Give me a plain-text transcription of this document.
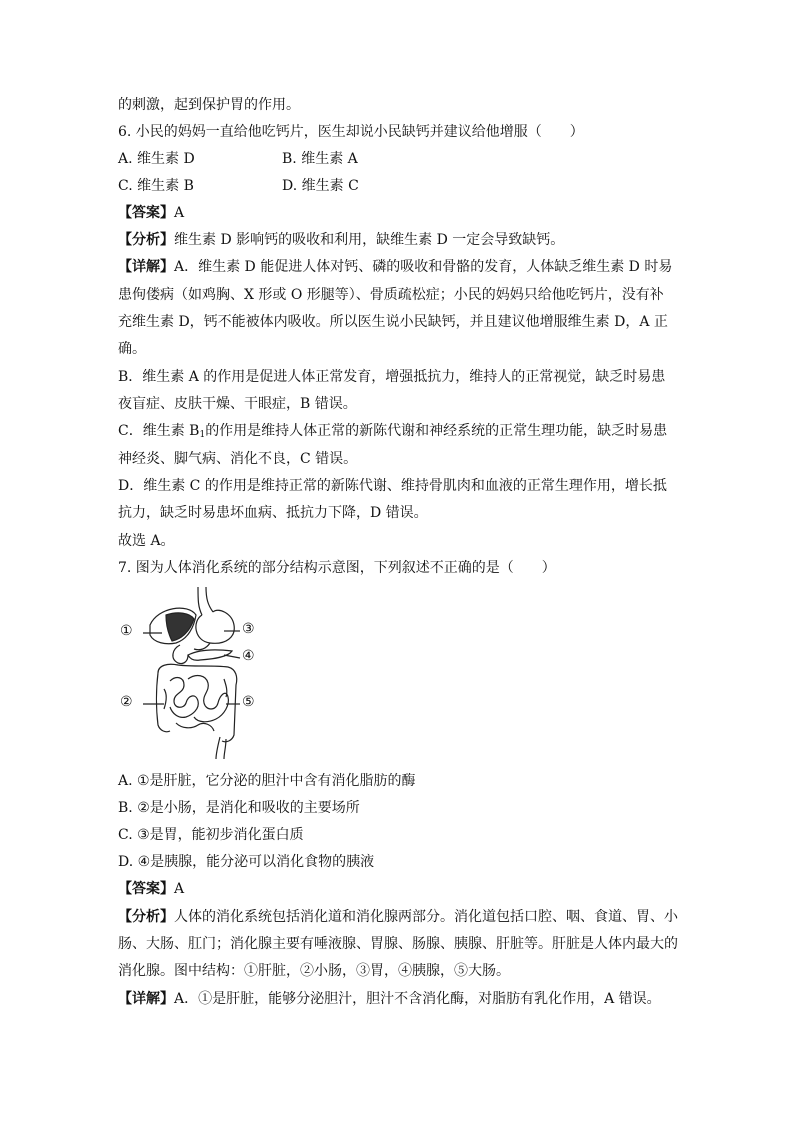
的刺激，起到保护胃的作用。
6. 小民的妈妈一直给他吃钙片，医生却说小民缺钙并建议给他增服（　　）
A. 维生素 D	B. 维生素 A
C. 维生素 B	D. 维生素 C
【答案】A
【分析】维生素 D 影响钙的吸收和利用，缺维生素 D 一定会导致缺钙。
【详解】A．维生素 D 能促进人体对钙、磷的吸收和骨骼的发育，人体缺乏维生素 D 时易
患佝偻病（如鸡胸、X 形或 O 形腿等）、骨质疏松症；小民的妈妈只给他吃钙片，没有补
充维生素 D，钙不能被体内吸收。所以医生说小民缺钙，并且建议他增服维生素 D，A 正
确。
B．维生素 A 的作用是促进人体正常发育，增强抵抗力，维持人的正常视觉，缺乏时易患
夜盲症、皮肤干燥、干眼症，B 错误。
C．维生素 $B_1$的作用是维持人体正常的新陈代谢和神经系统的正常生理功能，缺乏时易患
神经炎、脚气病、消化不良，C 错误。
D．维生素 C 的作用是维持正常的新陈代谢、维持骨肌肉和血液的正常生理作用，增长抵
抗力，缺乏时易患坏血病、抵抗力下降，D 错误。
故选 A。
7. 图为人体消化系统的部分结构示意图，下列叙述不正确的是（　　）
①
②
③
④
⑤
A. ①是肝脏，它分泌的胆汁中含有消化脂肪的酶
B. ②是小肠，是消化和吸收的主要场所
C. ③是胃，能初步消化蛋白质
D. ④是胰腺，能分泌可以消化食物的胰液
【答案】A
【分析】人体的消化系统包括消化道和消化腺两部分。消化道包括口腔、咽、食道、胃、小
肠、大肠、肛门；消化腺主要有唾液腺、胃腺、肠腺、胰腺、肝脏等。肝脏是人体内最大的
消化腺。图中结构：①肝脏，②小肠，③胃，④胰腺，⑤大肠。
【详解】A．①是肝脏，能够分泌胆汁，胆汁不含消化酶，对脂肪有乳化作用，A 错误。
